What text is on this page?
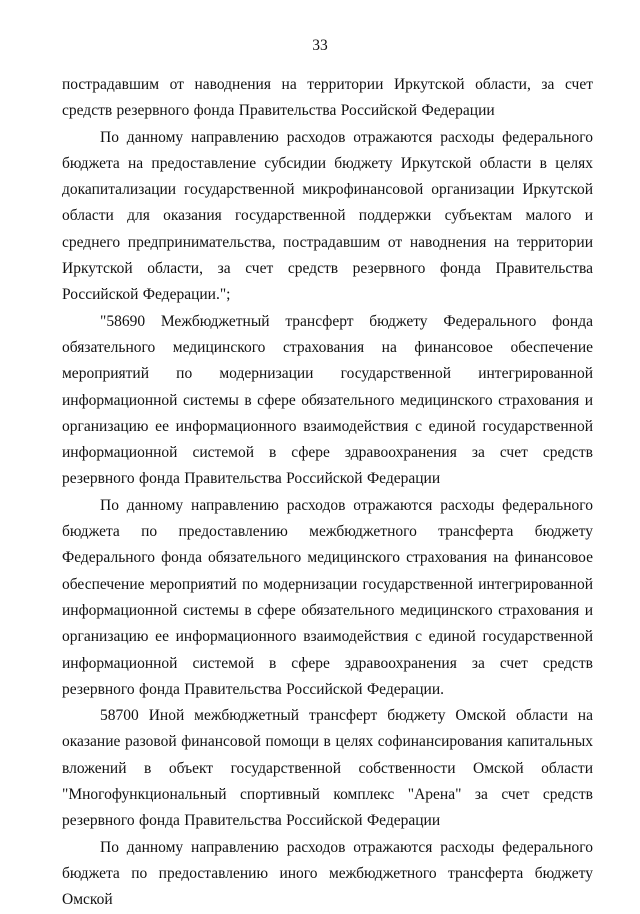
33

пострадавшим от наводнения на территории Иркутской области, за счет средств резервного фонда Правительства Российской Федерации

По данному направлению расходов отражаются расходы федерального бюджета на предоставление субсидии бюджету Иркутской области в целях докапитализации государственной микрофинансовой организации Иркутской области для оказания государственной поддержки субъектам малого и среднего предпринимательства, пострадавшим от наводнения на территории Иркутской области, за счет средств резервного фонда Правительства Российской Федерации.";

"58690 Межбюджетный трансферт бюджету Федерального фонда обязательного медицинского страхования на финансовое обеспечение мероприятий по модернизации государственной интегрированной информационной системы в сфере обязательного медицинского страхования и организацию ее информационного взаимодействия с единой государственной информационной системой в сфере здравоохранения за счет средств резервного фонда Правительства Российской Федерации

По данному направлению расходов отражаются расходы федерального бюджета по предоставлению межбюджетного трансферта бюджету Федерального фонда обязательного медицинского страхования на финансовое обеспечение мероприятий по модернизации государственной интегрированной информационной системы в сфере обязательного медицинского страхования и организацию ее информационного взаимодействия с единой государственной информационной системой в сфере здравоохранения за счет средств резервного фонда Правительства Российской Федерации.

58700 Иной межбюджетный трансферт бюджету Омской области на оказание разовой финансовой помощи в целях софинансирования капитальных вложений в объект государственной собственности Омской области "Многофункциональный спортивный комплекс "Арена" за счет средств резервного фонда Правительства Российской Федерации

По данному направлению расходов отражаются расходы федерального бюджета по предоставлению иного межбюджетного трансферта бюджету Омской
